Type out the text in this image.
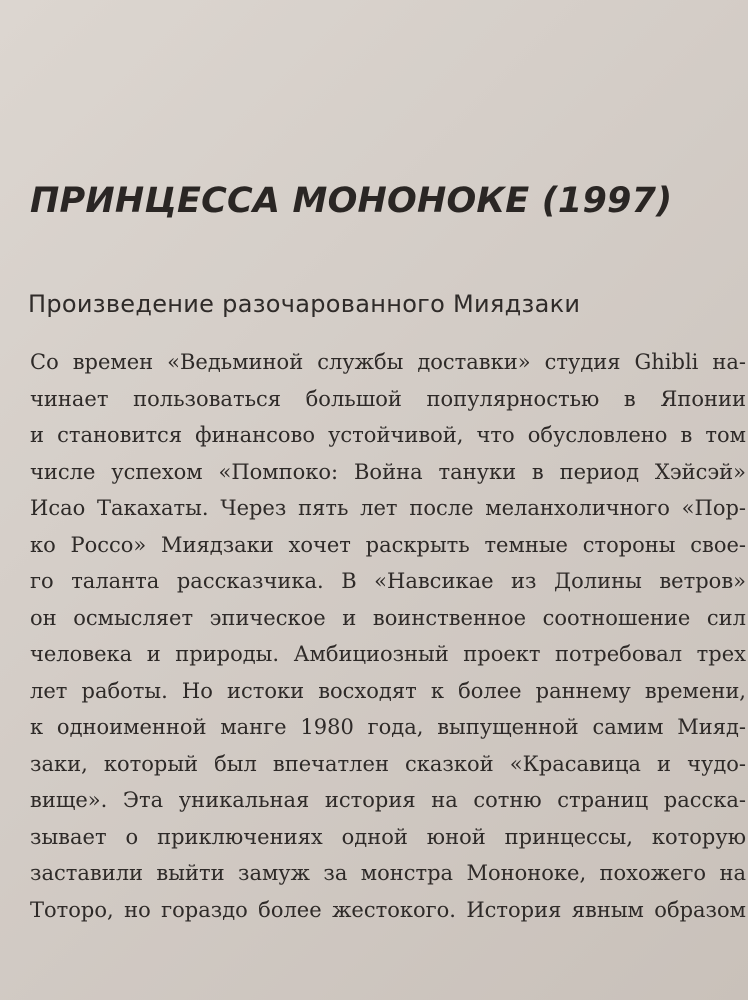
ПРИНЦЕССА МОНОНОКЕ (1997)
Произведение разочарованного Миядзаки
Со времен «Ведьминой службы доставки» студия Ghibli на-
чинает пользоваться большой популярностью в Японии
и становится финансово устойчивой, что обусловлено в том
числе успехом «Помпоко: Война тануки в период Хэйсэй»
Исао Такахаты. Через пять лет после меланхоличного «Пор-
ко Россо» Миядзаки хочет раскрыть темные стороны свое-
го таланта рассказчика. В «Навсикае из Долины ветров»
он осмысляет эпическое и воинственное соотношение сил
человека и природы. Амбициозный проект потребовал трех
лет работы. Но истоки восходят к более раннему времени,
к одноименной манге 1980 года, выпущенной самим Мияд-
заки, который был впечатлен сказкой «Красавица и чудо-
вище». Эта уникальная история на сотню страниц расска-
зывает о приключениях одной юной принцессы, которую
заставили выйти замуж за монстра Мононоке, похожего на
Тоторо, но гораздо более жестокого. История явным образом
